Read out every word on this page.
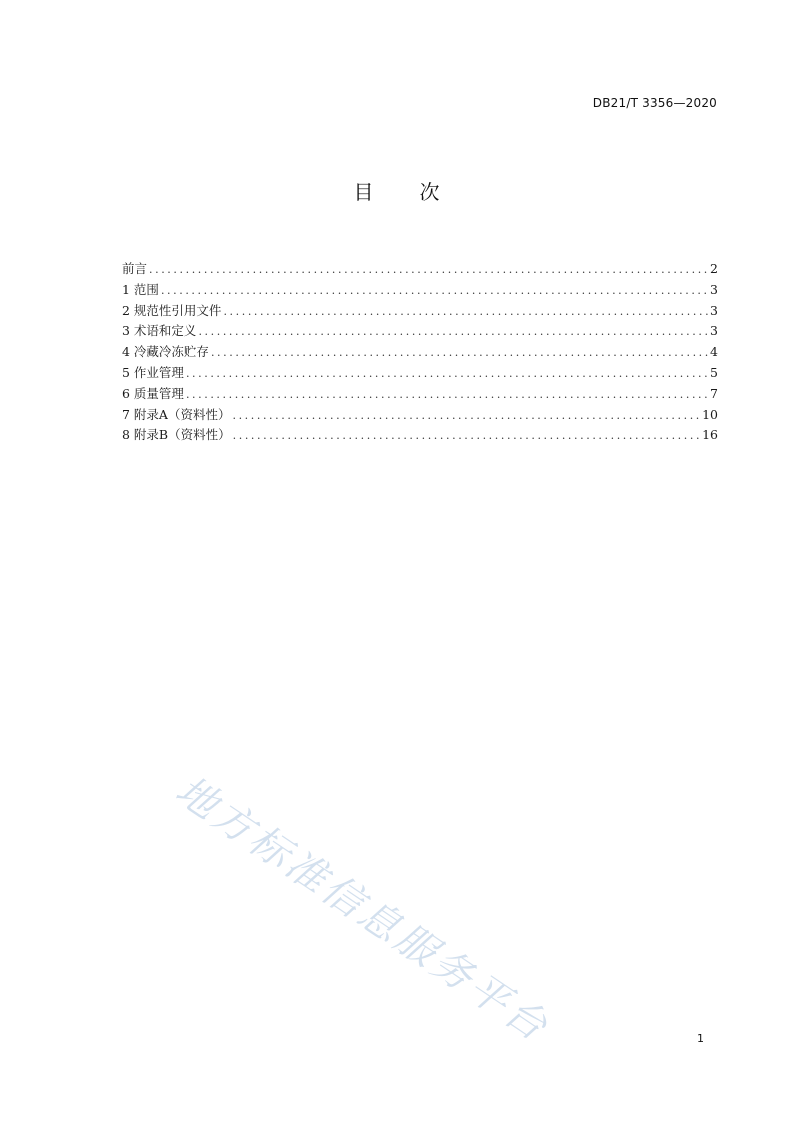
DB21/T 3356—2020
目次
前言 .....	2
1 范围 .....	3
2 规范性引用文件 .....	3
3 术语和定义 .....	3
4 冷藏冷冻贮存 .....	4
5 作业管理 .....	5
6 质量管理 .....	7
7 附录A（资料性） .....	10
8 附录B（资料性） .....	16
地方标准信息服务平台	1
